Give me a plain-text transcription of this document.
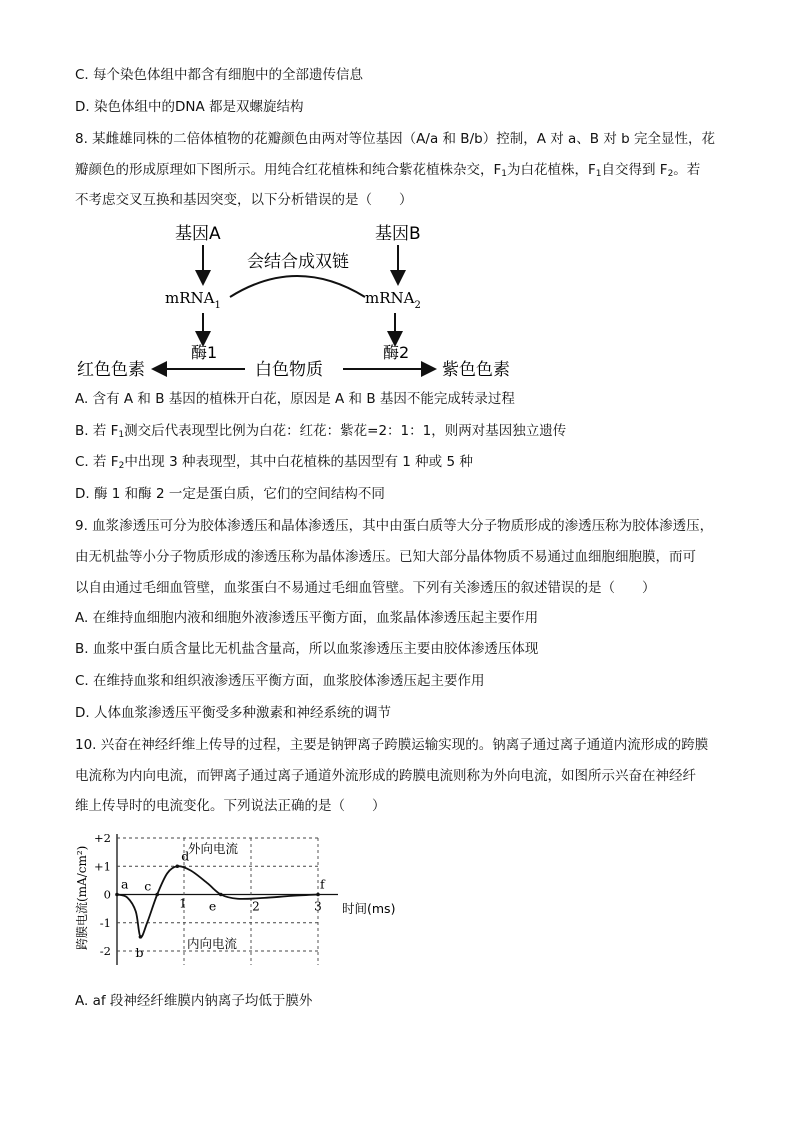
C. 每个染色体组中都含有细胞中的全部遗传信息
D. 染色体组中的DNA 都是双螺旋结构
8. 某雌雄同株的二倍体植物的花瓣颜色由两对等位基因（A/a 和 B/b）控制，A 对 a、B 对 b 完全显性，花
瓣颜色的形成原理如下图所示。用纯合红花植株和纯合紫花植株杂交，$F_1$为白花植株，$F_1$自交得到 $F_2$。若
不考虑交叉互换和基因突变，以下分析错误的是（　　）
基因A	基因B
会结合成双链
mRNA$_1$	mRNA$_2$
酶1	酶2
红色色素	白色物质	紫色色素
A. 含有 A 和 B 基因的植株开白花，原因是 A 和 B 基因不能完成转录过程
B. 若 $F_1$测交后代表现型比例为白花：红花：紫花=2：1：1，则两对基因独立遗传
C. 若 $F_2$中出现 3 种表现型，其中白花植株的基因型有 1 种或 5 种
D. 酶 1 和酶 2 一定是蛋白质，它们的空间结构不同
9. 血浆渗透压可分为胶体渗透压和晶体渗透压，其中由蛋白质等大分子物质形成的渗透压称为胶体渗透压，
由无机盐等小分子物质形成的渗透压称为晶体渗透压。已知大部分晶体物质不易通过血细胞细胞膜，而可
以自由通过毛细血管壁，血浆蛋白不易通过毛细血管壁。下列有关渗透压的叙述错误的是（　　）
A. 在维持血细胞内液和细胞外液渗透压平衡方面，血浆晶体渗透压起主要作用
B. 血浆中蛋白质含量比无机盐含量高，所以血浆渗透压主要由胶体渗透压体现
C. 在维持血浆和组织液渗透压平衡方面，血浆胶体渗透压起主要作用
D. 人体血浆渗透压平衡受多种激素和神经系统的调节
10. 兴奋在神经纤维上传导的过程，主要是钠钾离子跨膜运输实现的。钠离子通过离子通道内流形成的跨膜
电流称为内向电流，而钾离子通过离子通道外流形成的跨膜电流则称为外向电流，如图所示兴奋在神经纤
维上传导时的电流变化。下列说法正确的是（　　）
跨膜电流(mA/cm²)
+2
+1
0
-1
-2
1	2	3
a
b
c
d
e
f
外向电流
内向电流
时间(ms)
A. af 段神经纤维膜内钠离子均低于膜外
